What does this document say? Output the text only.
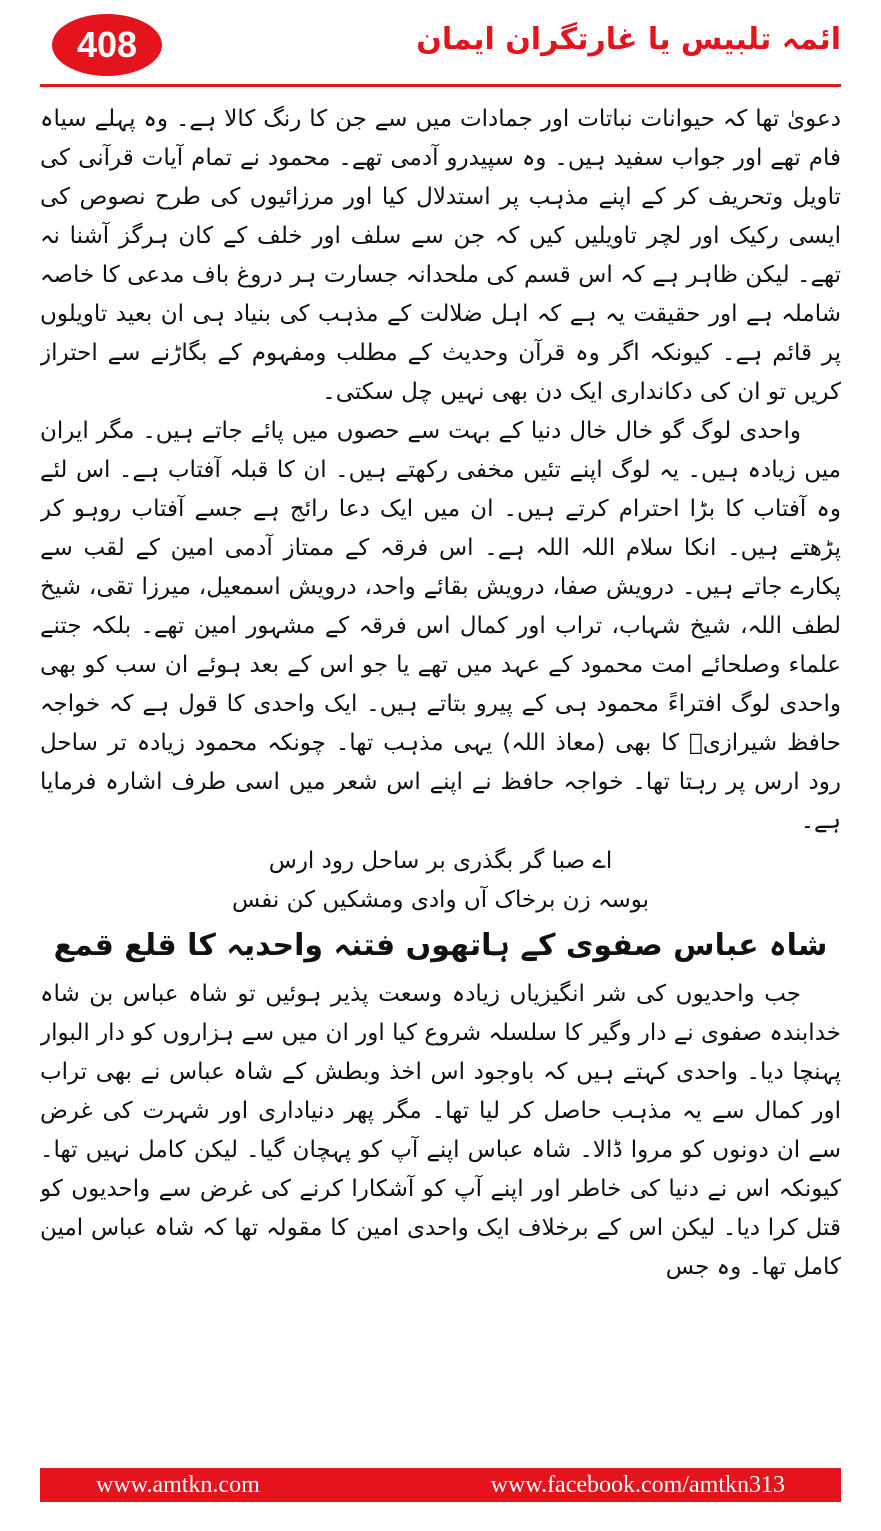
408	ائمہ تلبیس یا غارتگران ایمان

دعویٰ تھا کہ حیوانات نباتات اور جمادات میں سے جن کا رنگ کالا ہے۔ وہ پہلے سیاہ فام تھے اور جواب سفید ہیں۔ وہ سپیدرو آدمی تھے۔ محمود نے تمام آیات قرآنی کی تاویل وتحریف کر کے اپنے مذہب پر استدلال کیا اور مرزائیوں کی طرح نصوص کی ایسی رکیک اور لچر تاویلیں کیں کہ جن سے سلف اور خلف کے کان ہرگز آشنا نہ تھے۔ لیکن ظاہر ہے کہ اس قسم کی ملحدانہ جسارت ہر دروغ باف مدعی کا خاصہ شاملہ ہے اور حقیقت یہ ہے کہ اہل ضلالت کے مذہب کی بنیاد ہی ان بعید تاویلوں پر قائم ہے۔ کیونکہ اگر وہ قرآن وحدیث کے مطلب ومفہوم کے بگاڑنے سے احتراز کریں تو ان کی دکانداری ایک دن بھی نہیں چل سکتی۔

واحدی لوگ گو خال خال دنیا کے بہت سے حصوں میں پائے جاتے ہیں۔ مگر ایران میں زیادہ ہیں۔ یہ لوگ اپنے تئیں مخفی رکھتے ہیں۔ ان کا قبلہ آفتاب ہے۔ اس لئے وہ آفتاب کا بڑا احترام کرتے ہیں۔ ان میں ایک دعا رائج ہے جسے آفتاب روہو کر پڑھتے ہیں۔ انکا سلام اللہ اللہ ہے۔ اس فرقہ کے ممتاز آدمی امین کے لقب سے پکارے جاتے ہیں۔ درویش صفا، درویش بقائے واحد، درویش اسمعیل، میرزا تقی، شیخ لطف اللہ، شیخ شہاب، تراب اور کمال اس فرقہ کے مشہور امین تھے۔ بلکہ جتنے علماء وصلحائے امت محمود کے عہد میں تھے یا جو اس کے بعد ہوئے ان سب کو بھی واحدی لوگ افتراءً محمود ہی کے پیرو بتاتے ہیں۔ ایک واحدی کا قول ہے کہ خواجہ حافظ شیرازیؒ کا بھی (معاذ اللہ) یہی مذہب تھا۔ چونکہ محمود زیادہ تر ساحل رود ارس پر رہتا تھا۔ خواجہ حافظ نے اپنے اس شعر میں اسی طرف اشارہ فرمایا ہے۔

اے صبا گر بگذری بر ساحل رود ارس

بوسہ زن برخاک آں وادی ومشکیں کن نفس

شاہ عباس صفوی کے ہاتھوں فتنہ واحدیہ کا قلع قمع

جب واحدیوں کی شر انگیزیاں زیادہ وسعت پذیر ہوئیں تو شاہ عباس بن شاہ خدابندہ صفوی نے دار وگیر کا سلسلہ شروع کیا اور ان میں سے ہزاروں کو دار البوار پہنچا دیا۔ واحدی کہتے ہیں کہ باوجود اس اخذ وبطش کے شاہ عباس نے بھی تراب اور کمال سے یہ مذہب حاصل کر لیا تھا۔ مگر پھر دنیاداری اور شہرت کی غرض سے ان دونوں کو مروا ڈالا۔ شاہ عباس اپنے آپ کو پہچان گیا۔ لیکن کامل نہیں تھا۔ کیونکہ اس نے دنیا کی خاطر اور اپنے آپ کو آشکارا کرنے کی غرض سے واحدیوں کو قتل کرا دیا۔ لیکن اس کے برخلاف ایک واحدی امین کا مقولہ تھا کہ شاہ عباس امین کامل تھا۔ وہ جس

www.amtkn.com	www.facebook.com/amtkn313
